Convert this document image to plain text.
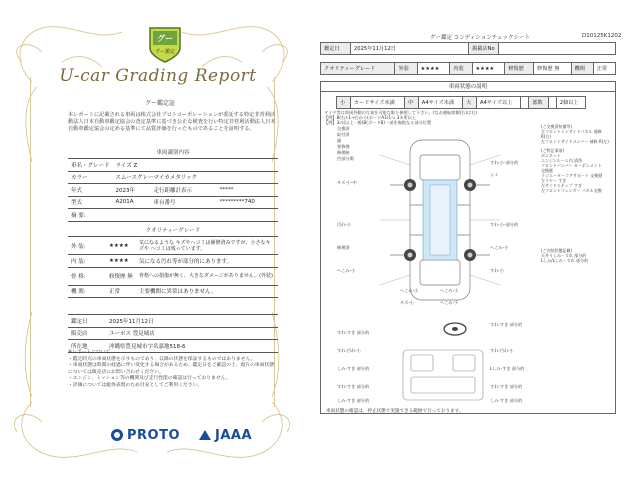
グー
グー鑑定
U-car Grading Report
グー鑑定証
本レポートに記載される車両は株式会社プロトコーポレーションが委託する特定非営利活動法人日本自動車鑑定協会の査定基準に基づき公正な検査を行い特定非営利活動法人日本自動車鑑定協会の定める基準にて品質評価を行ったものであることを証明する。
車両識別内容
車名・グレード	ライズ Z		
カラー	スムースグレーマイカメタリック		
年式	2023年	走行距離計表示	*****
型式	A201A	車台番号	*********740
摘 要:			
クオリティーグレード
外 装:	★★★★	気になるような キズやヘコミは補修済みですが、小さなキズや ヘコミは残っています。
内 装:	★★★★	気になる汚れ等が部分的にあります。
骨 格:	修復歴 無	骨格への損傷が無く、大きなダメージがありません。(外装)
機 関:	正常	主要機関に異常はありません。
鑑定日	2025年11月12日
販売店	ユーポス 豊見城店
所在地	沖縄県豊見城市字名嘉地518-6
※レポートについて
・鑑定時点の車両状態を示すものであり、以降の状態を保証するものではありません。
・車両状態は時間の経過に伴い変化する場合があるため、鑑定日をご確認の上、現在の車両状態については販売店にお問い合わせください。
・エンジン、ミッション等の機関及び走行性能の確認は行っておりません。
・評価については総体表現のため目安としてご利用ください。
PROTO	JAAA
グー鑑定 コンディションチェックシート	D10125K1202
鑑定日	2025年11月12日	掲載店No	
クオリティーグレード	外装	★★★★	内装	★★★★	修復歴	修復歴 無	機関	正常
車両状態の説明
小	カードサイズ未満	中	A4サイズ未満	大	A4サイズ以上		部数		2個以上
タイヤ等は車両外側の写真を可能な限り参照して下さい。(なお運転席側(右)は右)
【例】B(右)-1→右から(ボードA1)1つ 3カ所以上
【例】3の(以上一般)B(ボードB)一部を複数なる部分位置
交換済
取付済
錆
要修理
修理跡
凹部分傷
キズ-小-中
すれ-小-部分的
シミ
汚れ-小	すれ-小-部分的
修理済	へこみ-小
へこみ-小	すれ-小
へこみ-小	へこみ-小
キズ-小	へこみ-小
すれ-すき 部分的
すれ-すき 部分的
すれ-汚れ-小	すれ-汚れ-小
しみ-すき 部分的	Lしみ-すき 部分的
すれ-すき 部分的	すれ-すき 部分的
しみ-すき 部分的	しみ-すき 部分的
(ご交換済装備等)
左フロントインサイドパネル 補修
R(右)
左フロントサイドメンバー 補修 R(左)
(ご特記事項)
ボンネット
エンジンルーム内 清浄
フロントバンパー カーボンメント
交換歴
ラジエーターコアサポート 交換歴
左リヤー すぎ
左サイドステップ すぎ
左フロントフェンダー パネル交換
(ご内装状態記載)
天井りしみ・すれ 部分的
Lしみ/Lしみ・すれ 部分的
車両状態の確認は、停止状態で実施できる範囲で行っております。
